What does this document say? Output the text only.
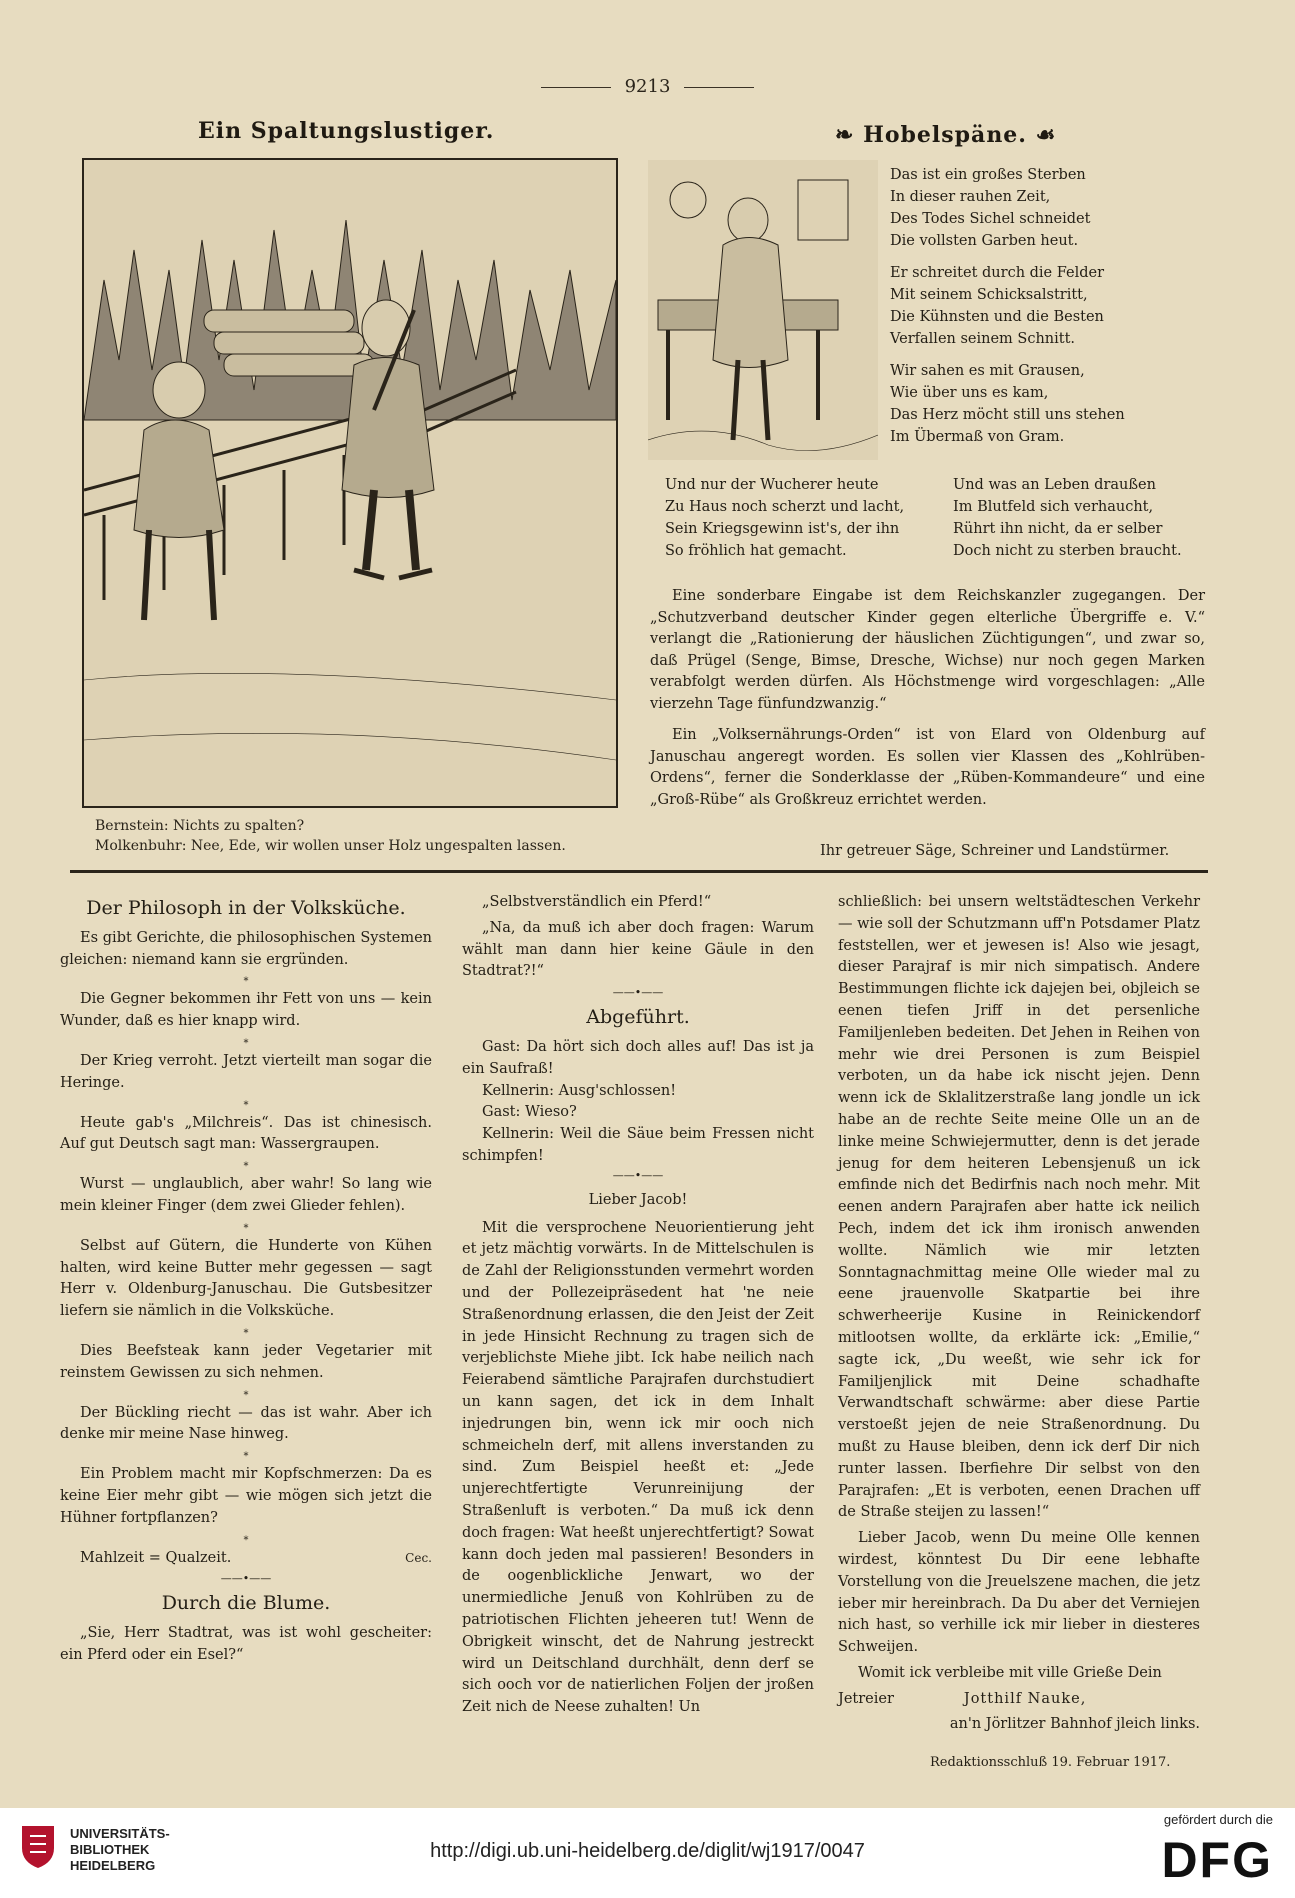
9213
Ein Spaltungslustiger.
Bernstein: Nichts zu spalten?
Molkenbuhr: Nee, Ede, wir wollen unser Holz ungespalten lassen.
❧ Hobelspäne. ☙

Das ist ein großes Sterben
In dieser rauhen Zeit,
Des Todes Sichel schneidet
Die vollsten Garben heut.

Er schreitet durch die Felder
Mit seinem Schicksalstritt,
Die Kühnsten und die Besten
Verfallen seinem Schnitt.

Wir sahen es mit Grausen,
Wie über uns es kam,
Das Herz möcht still uns stehen
Im Übermaß von Gram.

Und nur der Wucherer heute
Zu Haus noch scherzt und lacht,
Sein Kriegsgewinn ist's, der ihn
So fröhlich hat gemacht.
Und was an Leben draußen
Im Blutfeld sich verhaucht,
Rührt ihn nicht, da er selber
Doch nicht zu sterben braucht.

Eine sonderbare Eingabe ist dem Reichskanzler zugegangen. Der „Schutzverband deutscher Kinder gegen elterliche Übergriffe e. V.“ verlangt die „Rationierung der häuslichen Züchtigungen“, und zwar so, daß Prügel (Senge, Bimse, Dresche, Wichse) nur noch gegen Marken verabfolgt werden dürfen. Als Höchstmenge wird vorgeschlagen: „Alle vierzehn Tage fünfundzwanzig.“

Ein „Volksernährungs-Orden“ ist von Elard von Oldenburg auf Januschau angeregt worden. Es sollen vier Klassen des „Kohlrüben-Ordens“, ferner die Sonderklasse der „Rüben-Kommandeure“ und eine „Groß-Rübe“ als Großkreuz errichtet werden.

Ihr getreuer Säge, Schreiner und Landstürmer.
Der Philosoph in der Volksküche.

Es gibt Gerichte, die philosophischen Systemen gleichen: niemand kann sie ergründen.

*

Die Gegner bekommen ihr Fett von uns — kein Wunder, daß es hier knapp wird.

*

Der Krieg verroht. Jetzt vierteilt man sogar die Heringe.

*

Heute gab's „Milchreis“. Das ist chinesisch. Auf gut Deutsch sagt man: Wassergraupen.

*

Wurst — unglaublich, aber wahr! So lang wie mein kleiner Finger (dem zwei Glieder fehlen).

*

Selbst auf Gütern, die Hunderte von Kühen halten, wird keine Butter mehr gegessen — sagt Herr v. Oldenburg-Januschau. Die Gutsbesitzer liefern sie nämlich in die Volksküche.

*

Dies Beefsteak kann jeder Vegetarier mit reinstem Gewissen zu sich nehmen.

*

Der Bückling riecht — das ist wahr. Aber ich denke mir meine Nase hinweg.

*

Ein Problem macht mir Kopfschmerzen: Da es keine Eier mehr gibt — wie mögen sich jetzt die Hühner fortpflanzen?

*

Mahlzeit = Qualzeit.	Cec.

——•——
Durch die Blume.

„Sie, Herr Stadtrat, was ist wohl gescheiter: ein Pferd oder ein Esel?“

„Selbstverständlich ein Pferd!“

„Na, da muß ich aber doch fragen: Warum wählt man dann hier keine Gäule in den Stadtrat?!“

——•——
Abgeführt.

Gast: Da hört sich doch alles auf! Das ist ja ein Saufraß!

Kellnerin: Ausg'schlossen!

Gast: Wieso?

Kellnerin: Weil die Säue beim Fressen nicht schimpfen!

——•——
Lieber Jacob!

Mit die versprochene Neuorientierung jeht et jetz mächtig vorwärts. In de Mittelschulen is de Zahl der Religionsstunden vermehrt worden und der Pollezeipräsedent hat 'ne neie Straßenordnung erlassen, die den Jeist der Zeit in jede Hinsicht Rechnung zu tragen sich de verjeblichste Miehe jibt. Ick habe neilich nach Feierabend sämtliche Parajrafen durchstudiert un kann sagen, det ick in dem Inhalt injedrungen bin, wenn ick mir ooch nich schmeicheln derf, mit allens inverstanden zu sind. Zum Beispiel heeßt et: „Jede unjerechtfertigte Verunreinijung der Straßenluft is verboten.“ Da muß ick denn doch fragen: Wat heeßt unjerechtfertigt? Sowat kann doch jeden mal passieren! Besonders in de oogenblickliche Jenwart, wo der unermiedliche Jenuß von Kohlrüben zu de patriotischen Flichten jeheeren tut! Wenn de Obrigkeit winscht, det de Nahrung jestreckt wird un Deitschland durchhält, denn derf se sich ooch vor de natierlichen Foljen der jroßen Zeit nich de Neese zuhalten! Un

schließlich: bei unsern weltstädteschen Verkehr — wie soll der Schutzmann uff'n Potsdamer Platz feststellen, wer et jewesen is! Also wie jesagt, dieser Parajraf is mir nich simpatisch. Andere Bestimmungen flichte ick dajejen bei, objleich se eenen tiefen Jriff in det persenliche Familjenleben bedeiten. Det Jehen in Reihen von mehr wie drei Personen is zum Beispiel verboten, un da habe ick nischt jejen. Denn wenn ick de Sklalitzerstraße lang jondle un ick habe an de rechte Seite meine Olle un an de linke meine Schwiejermutter, denn is det jerade jenug for dem heiteren Lebensjenuß un ick emfinde nich det Bedirfnis nach noch mehr. Mit eenen andern Parajrafen aber hatte ick neilich Pech, indem det ick ihm ironisch anwenden wollte. Nämlich wie mir letzten Sonntagnachmittag meine Olle wieder mal zu eene jrauenvolle Skatpartie bei ihre schwerheerije Kusine in Reinickendorf mitlootsen wollte, da erklärte ick: „Emilie,“ sagte ick, „Du weeßt, wie sehr ick for Familjenjlick mit Deine schadhafte Verwandtschaft schwärme: aber diese Partie verstoeßt jejen de neie Straßenordnung. Du mußt zu Hause bleiben, denn ick derf Dir nich runter lassen. Iberfiehre Dir selbst von den Parajrafen: „Et is verboten, eenen Drachen uff de Straße steijen zu lassen!“

Lieber Jacob, wenn Du meine Olle kennen wirdest, könntest Du Dir eene lebhafte Vorstellung von die Jreuelszene machen, die jetz ieber mir hereinbrach. Da Du aber det Verniejen nich hast, so verhille ick mir lieber in diesteres Schweijen.

Womit ick verbleibe mit ville Grieße Dein

Jetreier	Jotthilf Nauke,

an'n Jörlitzer Bahnhof jleich links.

Redaktionsschluß 19. Februar 1917.
UNIVERSITÄTS-
BIBLIOTHEK
HEIDELBERG
http://digi.ub.uni-heidelberg.de/diglit/wj1917/0047
gefördert durch die
DFG
